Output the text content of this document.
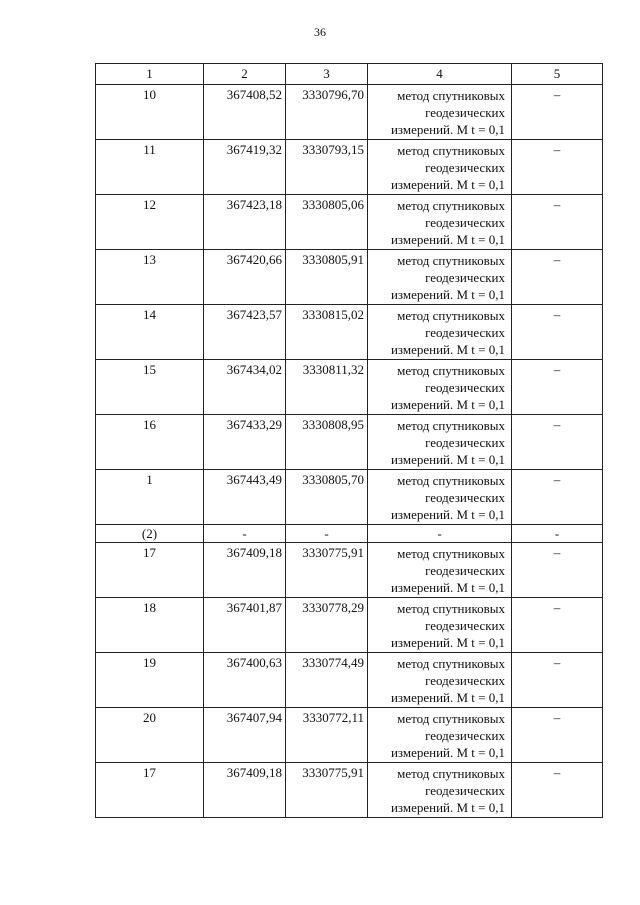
36
1	2	3	4	5
10	367408,52	3330796,70	метод спутниковых
геодезических
измерений. M t = 0,1	–
11	367419,32	3330793,15	метод спутниковых
геодезических
измерений. M t = 0,1	–
12	367423,18	3330805,06	метод спутниковых
геодезических
измерений. M t = 0,1	–
13	367420,66	3330805,91	метод спутниковых
геодезических
измерений. M t = 0,1	–
14	367423,57	3330815,02	метод спутниковых
геодезических
измерений. M t = 0,1	–
15	367434,02	3330811,32	метод спутниковых
геодезических
измерений. M t = 0,1	–
16	367433,29	3330808,95	метод спутниковых
геодезических
измерений. M t = 0,1	–
1	367443,49	3330805,70	метод спутниковых
геодезических
измерений. M t = 0,1	–
(2)	-	-	-	-
17	367409,18	3330775,91	метод спутниковых
геодезических
измерений. M t = 0,1	–
18	367401,87	3330778,29	метод спутниковых
геодезических
измерений. M t = 0,1	–
19	367400,63	3330774,49	метод спутниковых
геодезических
измерений. M t = 0,1	–
20	367407,94	3330772,11	метод спутниковых
геодезических
измерений. M t = 0,1	–
17	367409,18	3330775,91	метод спутниковых
геодезических
измерений. M t = 0,1	–
